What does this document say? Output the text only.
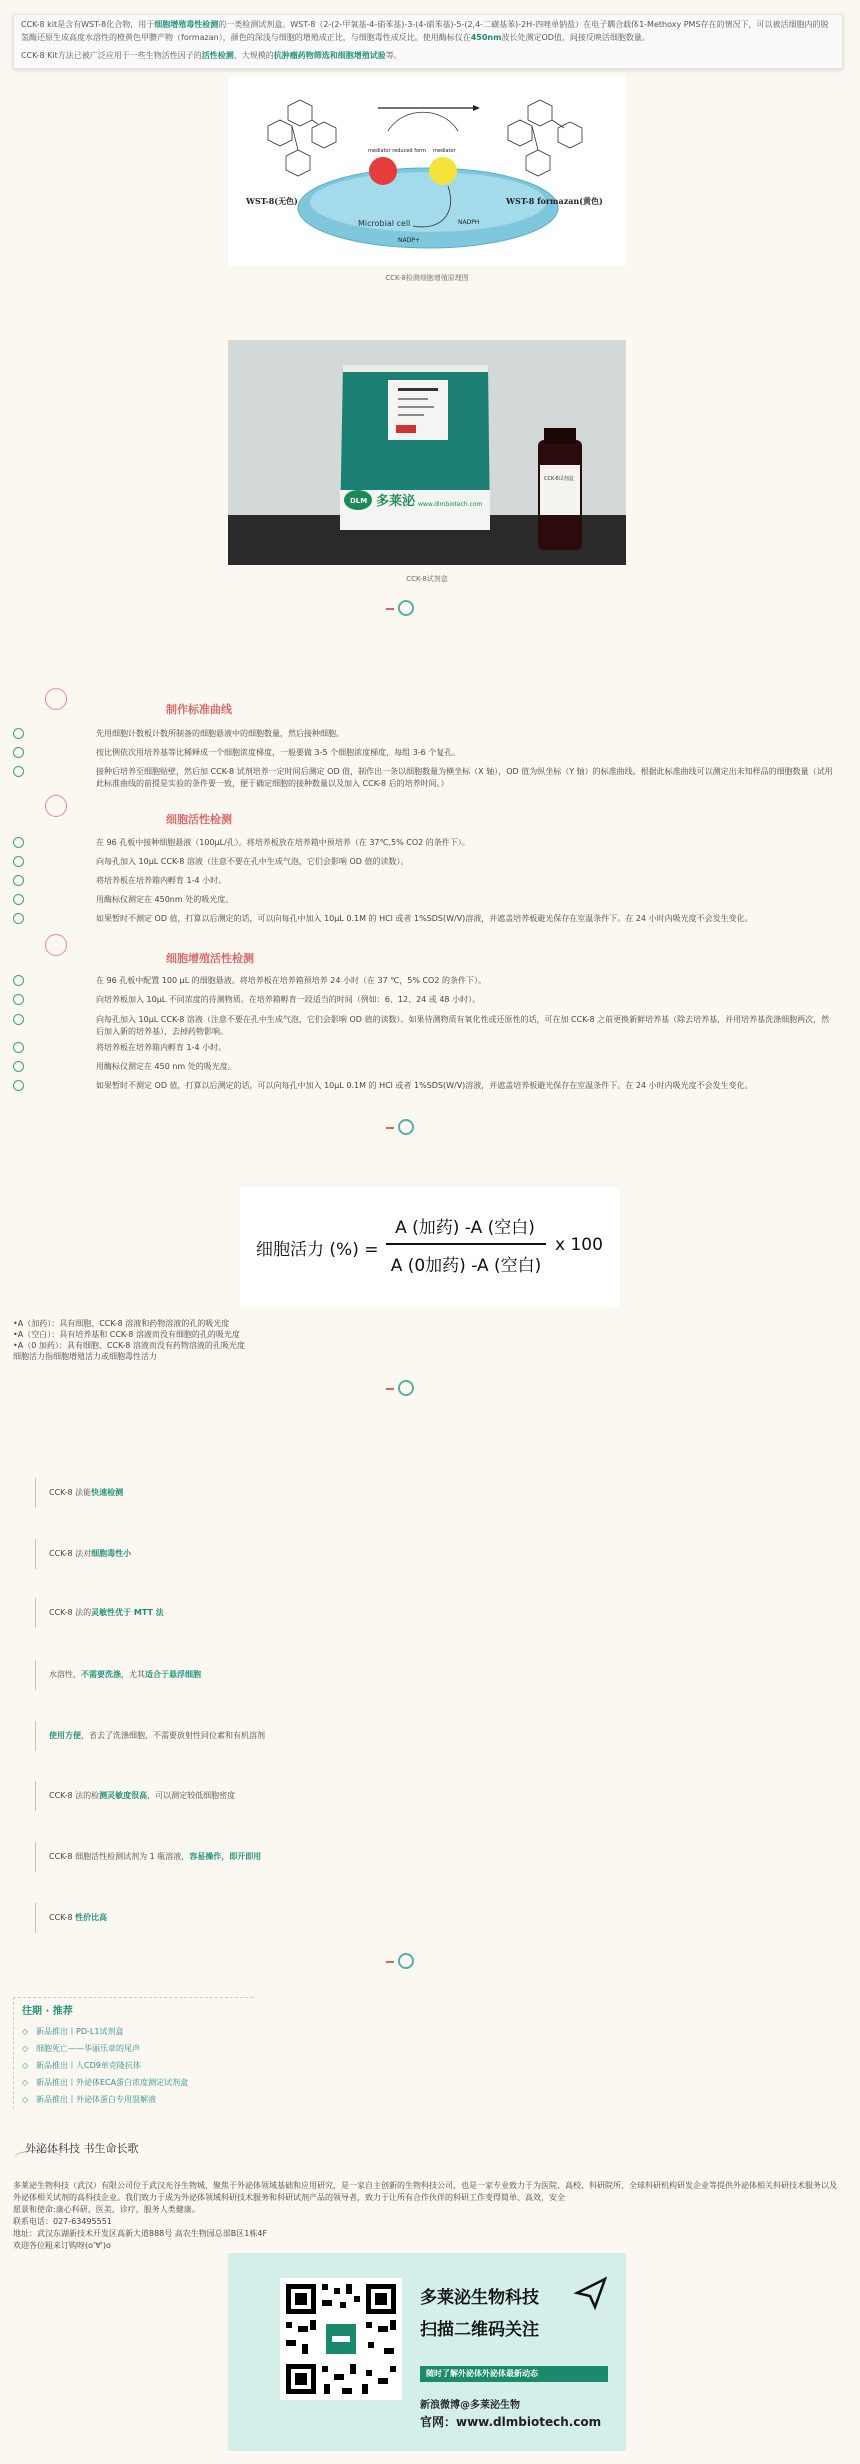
CCK-8 kit是含有WST-8化合物，用于细胞增殖毒性检测的一类检测试剂盒。WST-8（2-(2-甲氧基-4-硝苯基)-3-(4-硝苯基)-5-(2,4-二磺基苯)-2H-四唑单钠盐）在电子耦合载体1-Methoxy PMS存在的情况下，可以被活细胞内的脱氢酶还原生成高度水溶性的橙黄色甲臜产物（formazan），颜色的深浅与细胞的增殖成正比，与细胞毒性成反比。使用酶标仪在450nm波长处测定OD值，间接反映活细胞数量。

CCK-8 Kit方法已被广泛应用于一些生物活性因子的活性检测、大规模的抗肿瘤药物筛选和细胞增殖试验等。

WST-8(无色)	WST-8 formazan(黄色)
Microbial cell
mediator reduced form mediator
NADPH
NADP+
CCK-8检测细胞增殖原理图
DLM 多莱泌 www.dlmbiotech.com
CCK-8试剂盒
CCK-8试剂盒
制作标准曲线
先用细胞计数板计数所制备的细胞悬液中的细胞数量，然后接种细胞。
按比例依次用培养基等比稀释成一个细胞浓度梯度，一般要做 3-5 个细胞浓度梯度，每组 3-6 个复孔。
接种后培养至细胞贴壁，然后加 CCK-8 试剂培养一定时间后测定 OD 值，制作出一条以细胞数量为横坐标（X 轴），OD 值为纵坐标（Y 轴）的标准曲线。根据此标准曲线可以测定出未知样品的细胞数量（试用此标准曲线的前提是实验的条件要一致，便于确定细胞的接种数量以及加入 CCK-8 后的培养时间。）
细胞活性检测
在 96 孔板中接种细胞悬液（100μL/孔）。将培养板放在培养箱中预培养（在 37℃,5% CO2 的条件下）。
向每孔加入 10μL CCK-8 溶液（注意不要在孔中生成气泡，它们会影响 OD 值的读数）。
将培养板在培养箱内孵育 1-4 小时。
用酶标仪测定在 450nm 处的吸光度。
如果暂时不测定 OD 值，打算以后测定的话，可以向每孔中加入 10μL 0.1M 的 HCl 或者 1%SDS(W/V)溶液，并遮盖培养板避光保存在室温条件下。在 24 小时内吸光度不会发生变化。
细胞增殖活性检测
在 96 孔板中配置 100 μL 的细胞悬液。将培养板在培养箱预培养 24 小时（在 37 ℃，5% CO2 的条件下）。
向培养板加入 10μL 不同浓度的待测物质。在培养箱孵育一段适当的时间（例如：6、12、24 或 48 小时）。
向每孔加入 10μL CCK-8 溶液（注意不要在孔中生成气泡，它们会影响 OD 值的读数）。如果待测物质有氧化性或还原性的话，可在加 CCK-8 之前更换新鲜培养基（除去培养基，并用培养基洗涤细胞两次，然后加入新的培养基），去掉药物影响。
将培养板在培养箱内孵育 1-4 小时。
用酶标仪测定在 450 nm 处的吸光度。
如果暂时不测定 OD 值，打算以后测定的话，可以向每孔中加入 10μL 0.1M 的 HCl 或者 1%SDS(W/V)溶液，并遮盖培养板避光保存在室温条件下。在 24 小时内吸光度不会发生变化。
细胞活力 (%) =
A (加药) -A (空白)
A (0加药) -A (空白)
x 100
•A（加药）：具有细胞、CCK-8 溶液和药物溶液的孔的吸光度
•A（空白）：具有培养基和 CCK-8 溶液而没有细胞的孔的吸光度
•A（0 加药）：具有细胞、CCK-8 溶液而没有药物溶液的孔吸光度
细胞活力指细胞增殖活力或细胞毒性活力
CCK-8 法能快速检测
CCK-8 法对细胞毒性小
CCK-8 法的灵敏性优于 MTT 法
水溶性，不需要洗涤，尤其适合于悬浮细胞
使用方便，省去了洗涤细胞，不需要放射性同位素和有机溶剂
CCK-8 法的检测灵敏度很高，可以测定较低细胞密度
CCK-8 细胞活性检测试剂为 1 瓶溶液，容易操作，即开即用
CCK-8 性价比高
往期 · 推荐
◇ 新品推出丨PD-L1试剂盒
◇ 细胞死亡——华丽乐章的尾声
◇ 新品推出丨人CD9单克隆抗体
◇ 新品推出丨外泌体ECA蛋白浓度测定试剂盒
◇ 新品推出丨外泌体蛋白专用裂解液
外泌体科技 书生命长歌
多莱泌生物科技（武汉）有限公司位于武汉光谷生物城，聚焦于外泌体领域基础和应用研究，是一家自主创新的生物科技公司，也是一家专业致力于为医院、高校、科研院所、全球科研机构研发企业等提供外泌体相关科研技术服务以及外泌体相关试剂的高科技企业。我们致力于成为外泌体领域科研技术服务和科研试剂产品的领导者，致力于让所有合作伙伴的科研工作变得简单、高效，安全
愿景和使命:康心科研、医美、诊疗，服务人类健康。
联系电话：027-63495551
地址：武汉东湖新技术开发区高新大道888号 高农生物园总部B区1栋4F
欢迎各位粗来订购呀(o'∀')o
多莱泌生物科技
扫描二维码关注
随时了解外泌体外泌体最新动态
新浪微博@多莱泌生物
官网：www.dlmbiotech.com
